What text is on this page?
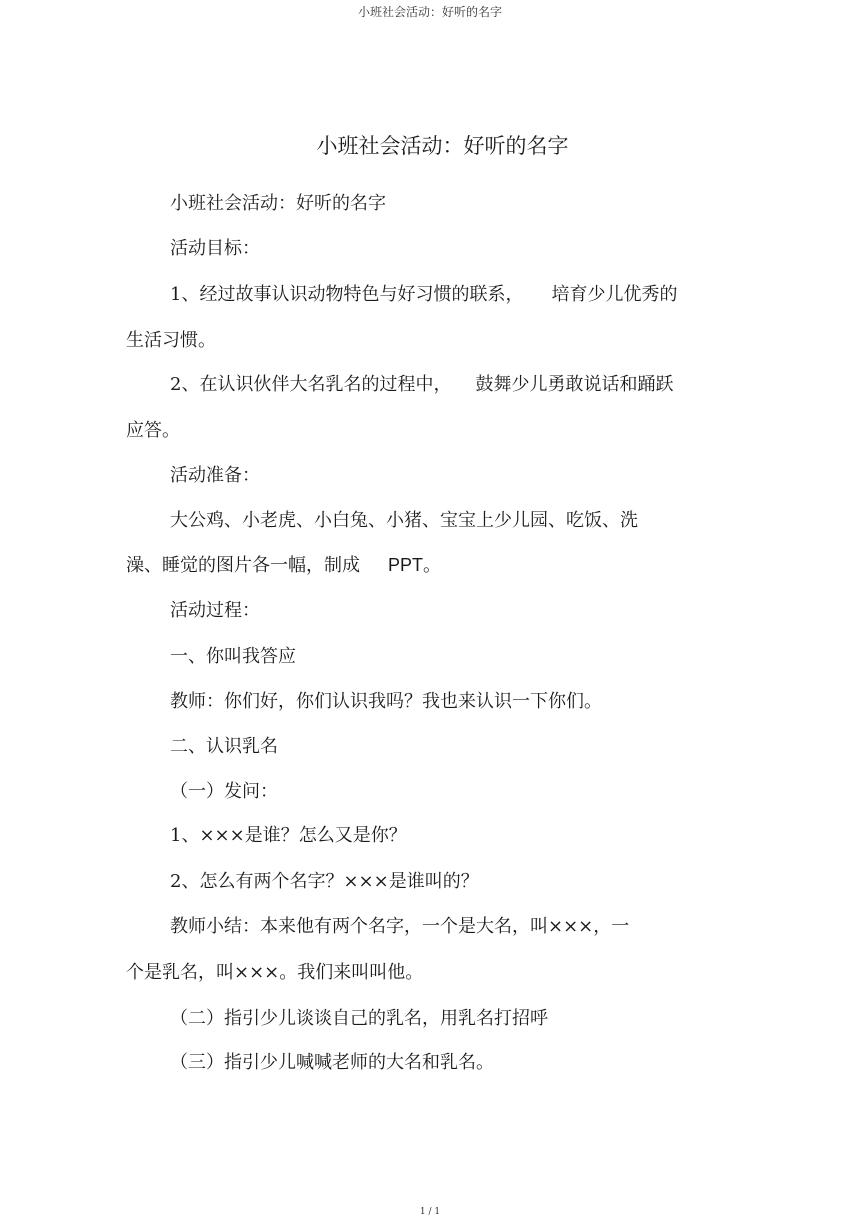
小班社会活动：好听的名字
小班社会活动：好听的名字
小班社会活动：好听的名字
活动目标：
1、经过故事认识动物特色与好习惯的联系， 培育少儿优秀的
生活习惯。
2、在认识伙伴大名乳名的过程中， 鼓舞少儿勇敢说话和踊跃
应答。
活动准备：
大公鸡、小老虎、小白兔、小猪、宝宝上少儿园、吃饭、洗
澡、睡觉的图片各一幅，制成 PPT。
活动过程：
一、你叫我答应
教师：你们好，你们认识我吗？我也来认识一下你们。
二、认识乳名
（一）发问：
1、×××是谁？怎么又是你？
2、怎么有两个名字？×××是谁叫的？
教师小结：本来他有两个名字，一个是大名，叫×××，一
个是乳名，叫×××。我们来叫叫他。
（二）指引少儿谈谈自己的乳名，用乳名打招呼
（三）指引少儿喊喊老师的大名和乳名。
1 / 1
